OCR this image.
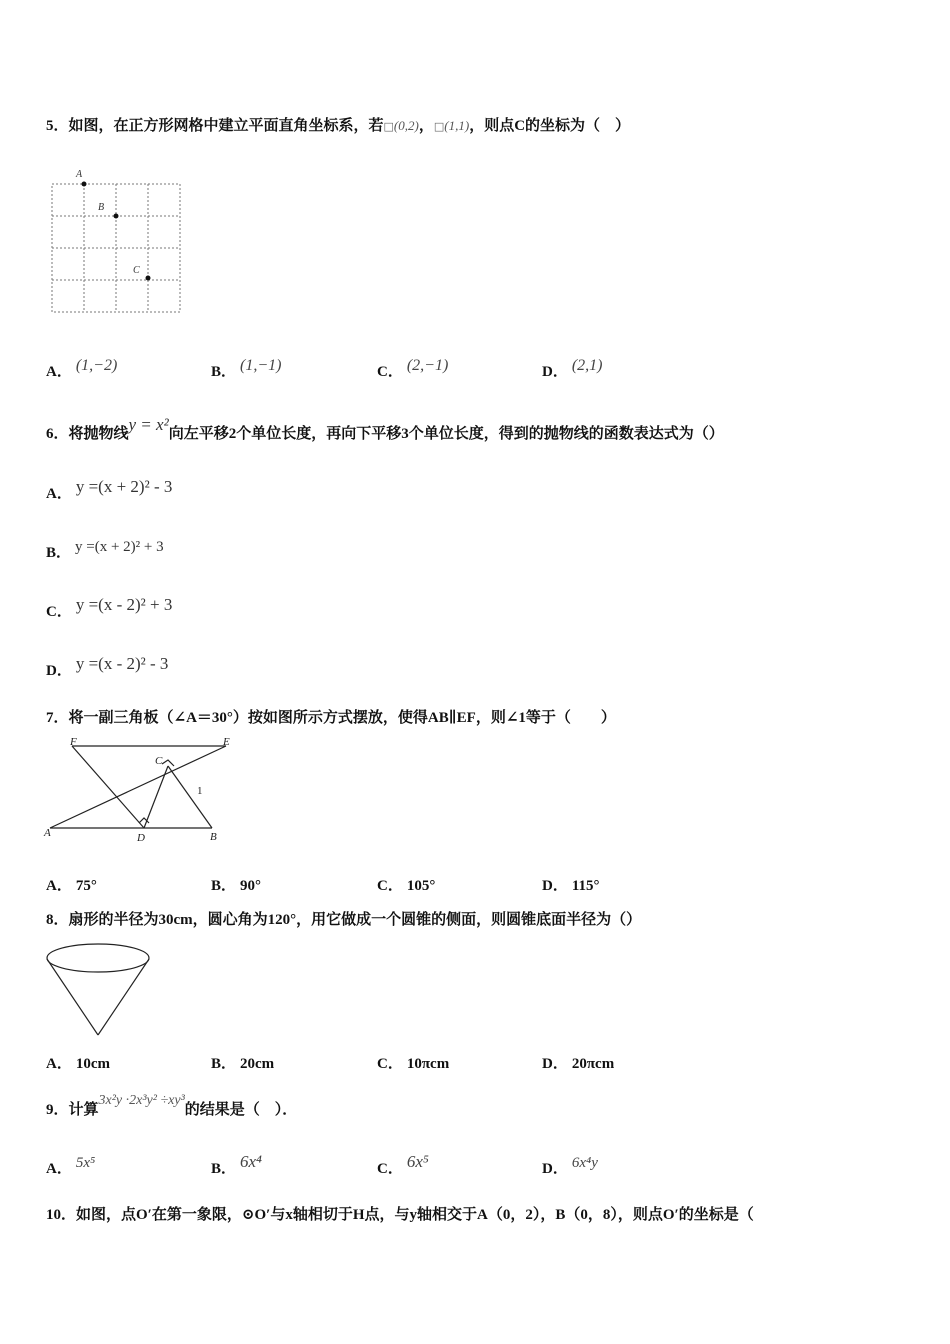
5．如图，在正方形网格中建立平面直角坐标系，若□(0,2)，□(1,1)，则点C的坐标为（　）
A
B
C
A． (1,−2)	B． (1,−1)	C． (2,−1)	D． (2,1)
6．将抛物线y = x²向左平移2个单位长度，再向下平移3个单位长度，得到的抛物线的函数表达式为（）
A． y =(x + 2)² - 3
B． y =(x + 2)² + 3
C． y =(x - 2)² + 3
D． y =(x - 2)² - 3
7．将一副三角板（∠A＝30°）按如图所示方式摆放，使得AB∥EF，则∠1等于（　　）
F	E
C
1
A	D	B
A． 75°	B． 90°	C． 105°	D． 115°
8．扇形的半径为30cm，圆心角为120°，用它做成一个圆锥的侧面，则圆锥底面半径为（）
A． 10cm	B． 20cm	C． 10πcm	D． 20πcm
9．计算3x²y ·2x³y² ÷xy³的结果是（　）．
A． 5x⁵	B． 6x⁴	C． 6x⁵	D． 6x⁴y
10．如图，点O′在第一象限，⊙O′与x轴相切于H点，与y轴相交于A（0，2），B（0，8），则点O′的坐标是（
